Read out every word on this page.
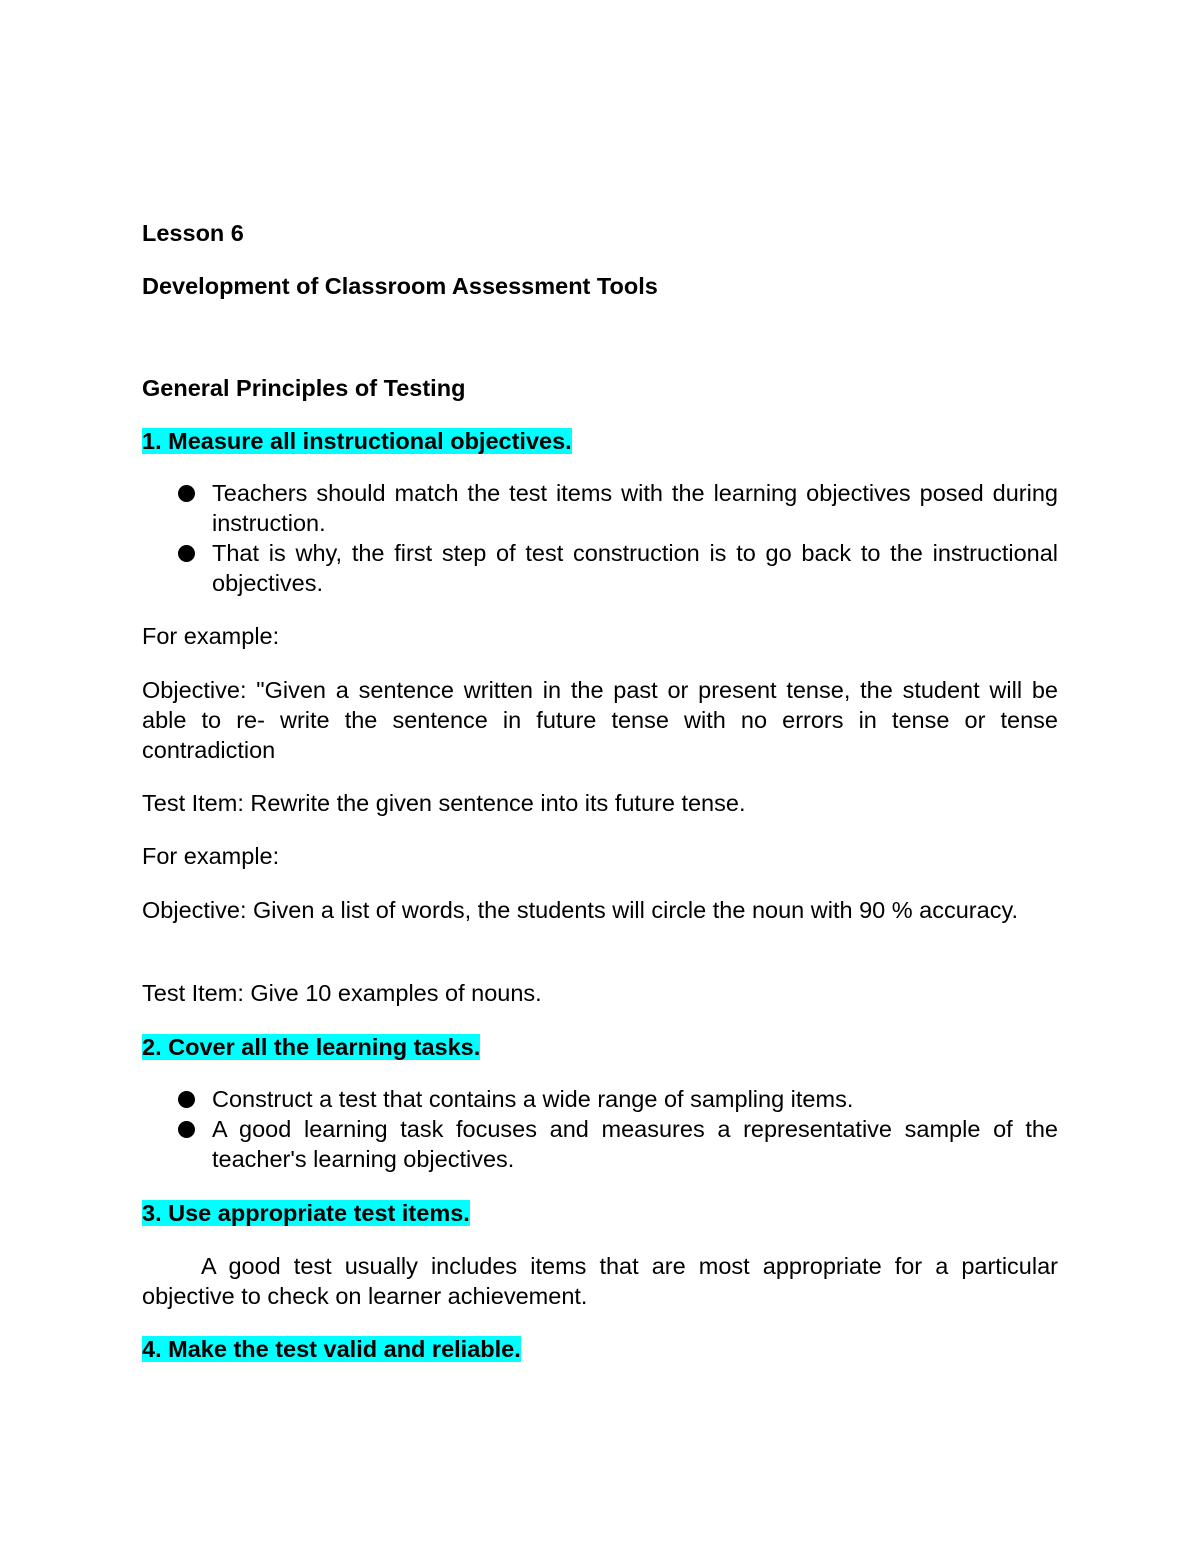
Lesson 6
Development of Classroom Assessment Tools
General Principles of Testing
1. Measure all instructional objectives.
Teachers should match the test items with the learning objectives posed during instruction.
That is why, the first step of test construction is to go back to the instructional objectives.
For example:
Objective: "Given a sentence written in the past or present tense, the student will be able to re- write the sentence in future tense with no errors in tense or tense contradiction
Test Item: Rewrite the given sentence into its future tense.
For example:
Objective: Given a list of words, the students will circle the noun with 90 % accuracy.
Test Item: Give 10 examples of nouns.
2. Cover all the learning tasks.
Construct a test that contains a wide range of sampling items.
A good learning task focuses and measures a representative sample of the teacher's learning objectives.
3. Use appropriate test items.
A good test usually includes items that are most appropriate for a particular objective to check on learner achievement.
4. Make the test valid and reliable.
